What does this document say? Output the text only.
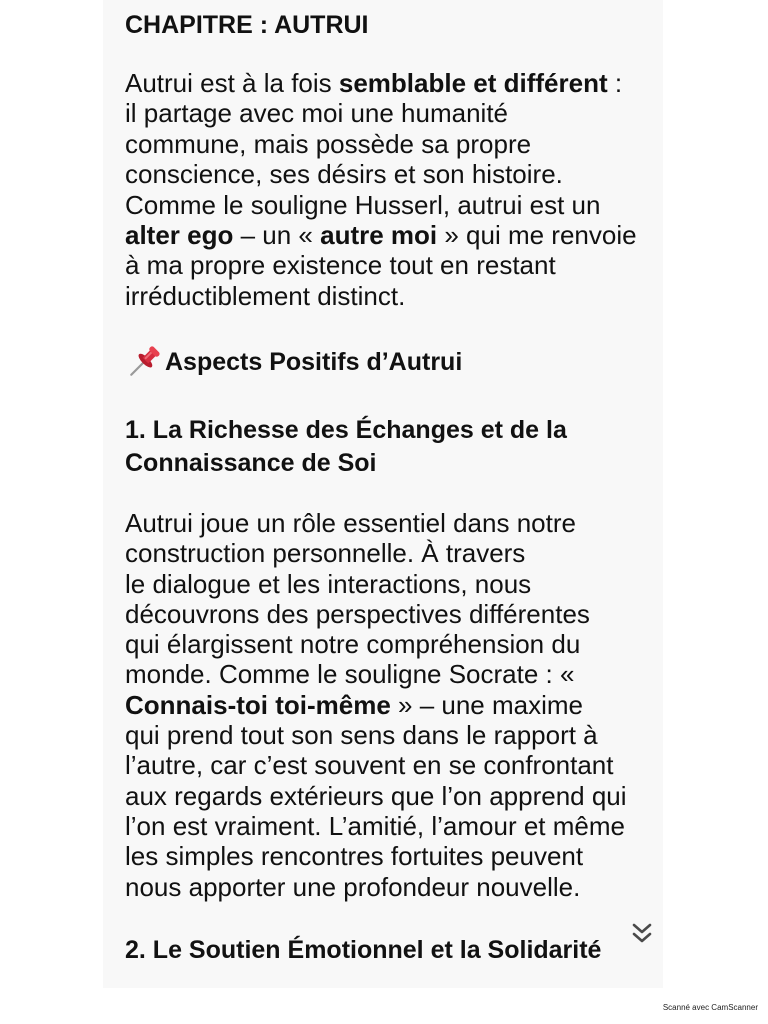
CHAPITRE : AUTRUI
Autrui est à la fois semblable et différent :
il partage avec moi une humanité
commune, mais possède sa propre
conscience, ses désirs et son histoire.
Comme le souligne Husserl, autrui est un
alter ego – un « autre moi » qui me renvoie
à ma propre existence tout en restant
irréductiblement distinct.
Aspects Positifs d’Autrui
1. La Richesse des Échanges et de la
Connaissance de Soi
Autrui joue un rôle essentiel dans notre
construction personnelle. À travers
le dialogue et les interactions, nous
découvrons des perspectives différentes
qui élargissent notre compréhension du
monde. Comme le souligne Socrate : «
Connais-toi toi-même » – une maxime
qui prend tout son sens dans le rapport à
l’autre, car c’est souvent en se confrontant
aux regards extérieurs que l’on apprend qui
l’on est vraiment. L’amitié, l’amour et même
les simples rencontres fortuites peuvent
nous apporter une profondeur nouvelle.
2. Le Soutien Émotionnel et la Solidarité
Scanné avec CamScanner
